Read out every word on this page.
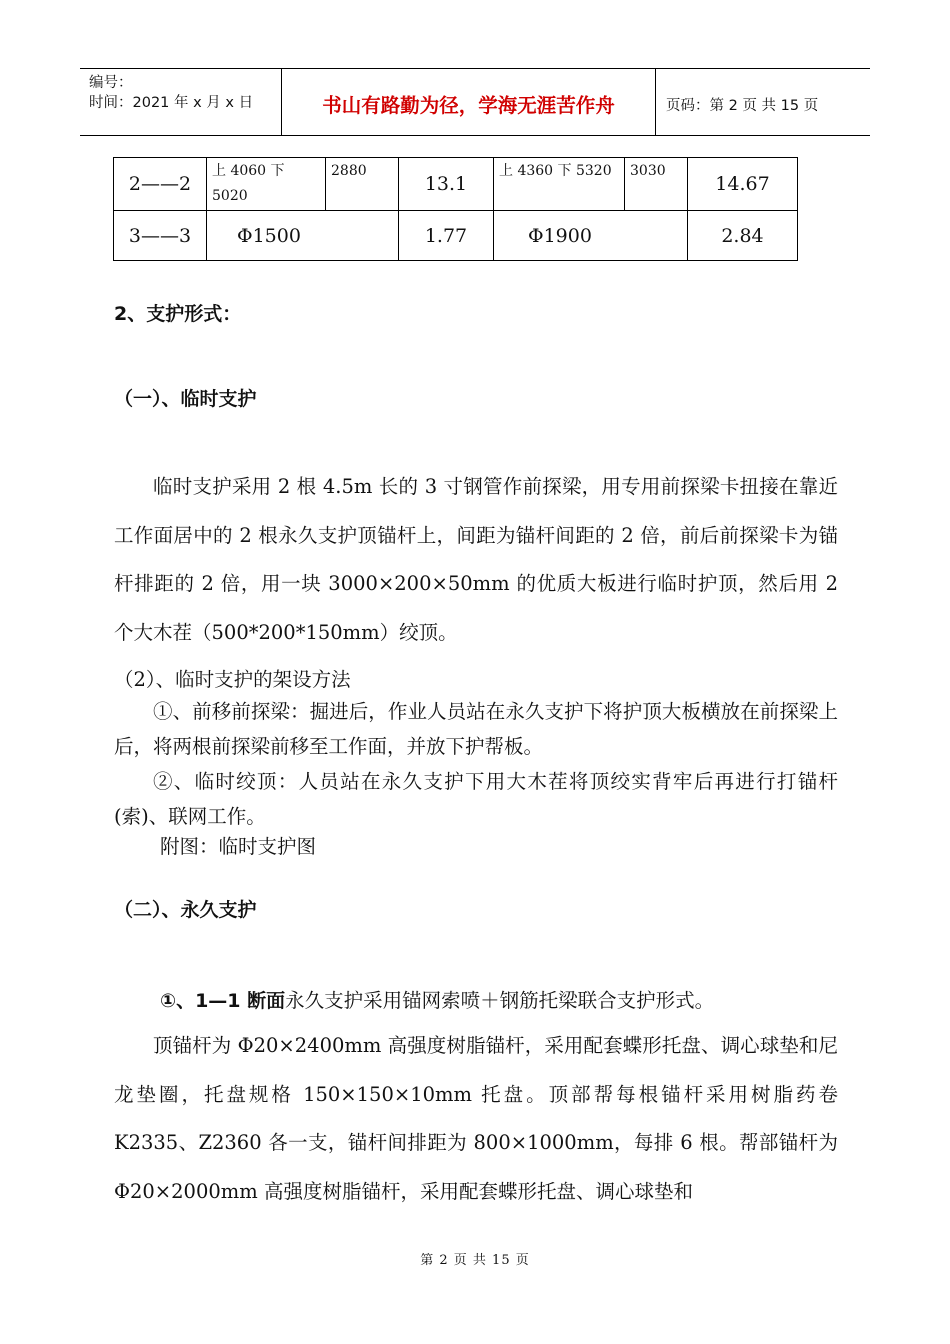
编号：
时间：2021 年 x 月 x 日	书山有路勤为径，学海无涯苦作舟	页码：第 2 页 共 15 页
2——2	上 4060 下 5020	2880	13.1	上 4360 下 5320	3030	14.67
3——3	Φ1500		1.77	Φ1900		2.84
2、支护形式：
（一）、临时支护
临时支护采用 2 根 4.5m 长的 3 寸钢管作前探梁，用专用前探梁卡扭接在靠近工作面居中的 2 根永久支护顶锚杆上，间距为锚杆间距的 2 倍，前后前探梁卡为锚杆排距的 2 倍，用一块 3000×200×50mm 的优质大板进行临时护顶，然后用 2 个大木茬（500*200*150mm）绞顶。
（2）、临时支护的架设方法
①、前移前探梁：掘进后，作业人员站在永久支护下将护顶大板横放在前探梁上后，将两根前探梁前移至工作面，并放下护帮板。
②、临时绞顶：人员站在永久支护下用大木茬将顶绞实背牢后再进行打锚杆(索)、联网工作。
附图：临时支护图
（二）、永久支护
①、1—1 断面永久支护采用锚网索喷＋钢筋托梁联合支护形式。
顶锚杆为 Φ20×2400mm 高强度树脂锚杆，采用配套蝶形托盘、调心球垫和尼龙垫圈，托盘规格 150×150×10mm 托盘。顶部帮每根锚杆采用树脂药卷 K2335、Z2360 各一支，锚杆间排距为 800×1000mm，每排 6 根。帮部锚杆为 Φ20×2000mm 高强度树脂锚杆，采用配套蝶形托盘、调心球垫和
第 2 页 共 15 页
